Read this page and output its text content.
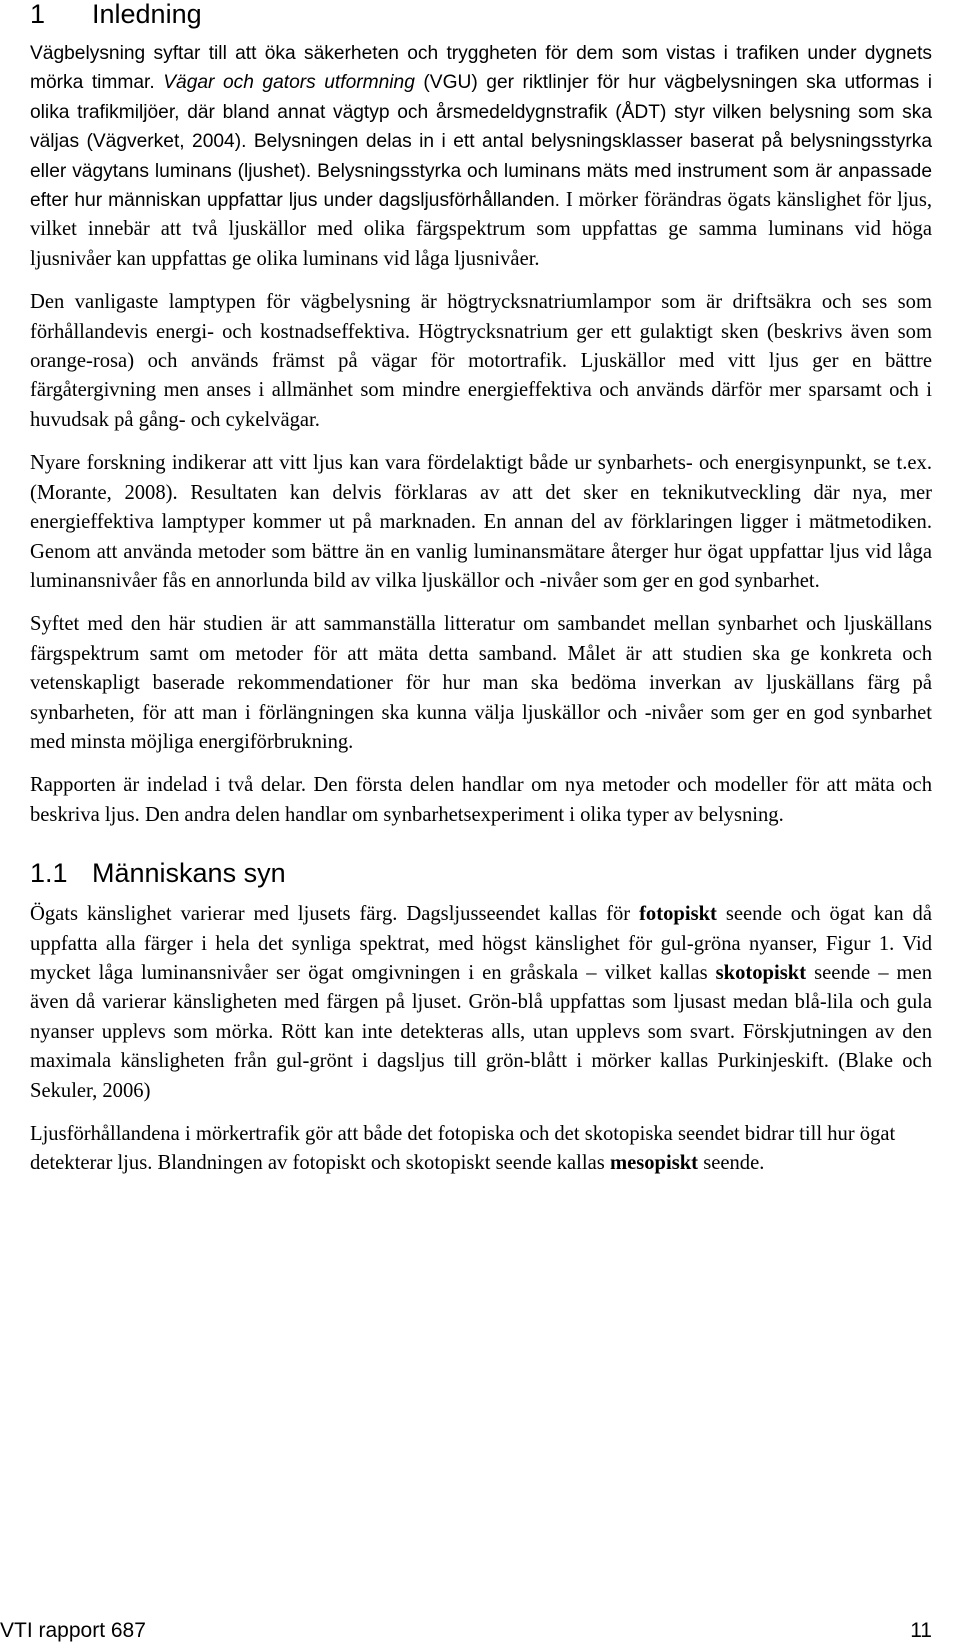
1 Inledning

Vägbelysning syftar till att öka säkerheten och tryggheten för dem som vistas i trafiken under dygnets mörka timmar. Vägar och gators utformning (VGU) ger riktlinjer för hur vägbelysningen ska utformas i olika trafikmiljöer, där bland annat vägtyp och årsmedeldygnstrafik (ÅDT) styr vilken belysning som ska väljas (Vägverket, 2004). Belysningen delas in i ett antal belysningsklasser baserat på belysningsstyrka eller vägytans luminans (ljushet). Belysningsstyrka och luminans mäts med instrument som är anpassade efter hur människan uppfattar ljus under dagsljusförhållanden. I mörker förändras ögats känslighet för ljus, vilket innebär att två ljuskällor med olika färgspektrum som uppfattas ge samma luminans vid höga ljusnivåer kan uppfattas ge olika luminans vid låga ljusnivåer.

Den vanligaste lamptypen för vägbelysning är högtrycksnatriumlampor som är driftsäkra och ses som förhållandevis energi- och kostnadseffektiva. Högtrycksnatrium ger ett gulaktigt sken (beskrivs även som orange-rosa) och används främst på vägar för motortrafik. Ljuskällor med vitt ljus ger en bättre färgåtergivning men anses i allmänhet som mindre energieffektiva och används därför mer sparsamt och i huvudsak på gång- och cykelvägar.

Nyare forskning indikerar att vitt ljus kan vara fördelaktigt både ur synbarhets- och energisynpunkt, se t.ex. (Morante, 2008). Resultaten kan delvis förklaras av att det sker en teknikutveckling där nya, mer energieffektiva lamptyper kommer ut på marknaden. En annan del av förklaringen ligger i mätmetodiken. Genom att använda metoder som bättre än en vanlig luminansmätare återger hur ögat uppfattar ljus vid låga luminansnivåer fås en annorlunda bild av vilka ljuskällor och -nivåer som ger en god synbarhet.

Syftet med den här studien är att sammanställa litteratur om sambandet mellan synbarhet och ljuskällans färgspektrum samt om metoder för att mäta detta samband. Målet är att studien ska ge konkreta och vetenskapligt baserade rekommendationer för hur man ska bedöma inverkan av ljuskällans färg på synbarheten, för att man i förlängningen ska kunna välja ljuskällor och -nivåer som ger en god synbarhet med minsta möjliga energiförbrukning.

Rapporten är indelad i två delar. Den första delen handlar om nya metoder och modeller för att mäta och beskriva ljus. Den andra delen handlar om synbarhetsexperiment i olika typer av belysning.

1.1 Människans syn

Ögats känslighet varierar med ljusets färg. Dagsljusseendet kallas för fotopiskt seende och ögat kan då uppfatta alla färger i hela det synliga spektrat, med högst känslighet för gul-gröna nyanser, Figur 1. Vid mycket låga luminansnivåer ser ögat omgivningen i en gråskala – vilket kallas skotopiskt seende – men även då varierar känsligheten med färgen på ljuset. Grön-blå uppfattas som ljusast medan blå-lila och gula nyanser upplevs som mörka. Rött kan inte detekteras alls, utan upplevs som svart. Förskjutningen av den maximala känsligheten från gul-grönt i dagsljus till grön-blått i mörker kallas Purkinjeskift. (Blake och Sekuler, 2006)

Ljusförhållandena i mörkertrafik gör att både det fotopiska och det skotopiska seendet bidrar till hur ögat detekterar ljus. Blandningen av fotopiskt och skotopiskt seende kallas mesopiskt seende.

VTI rapport 687	11
